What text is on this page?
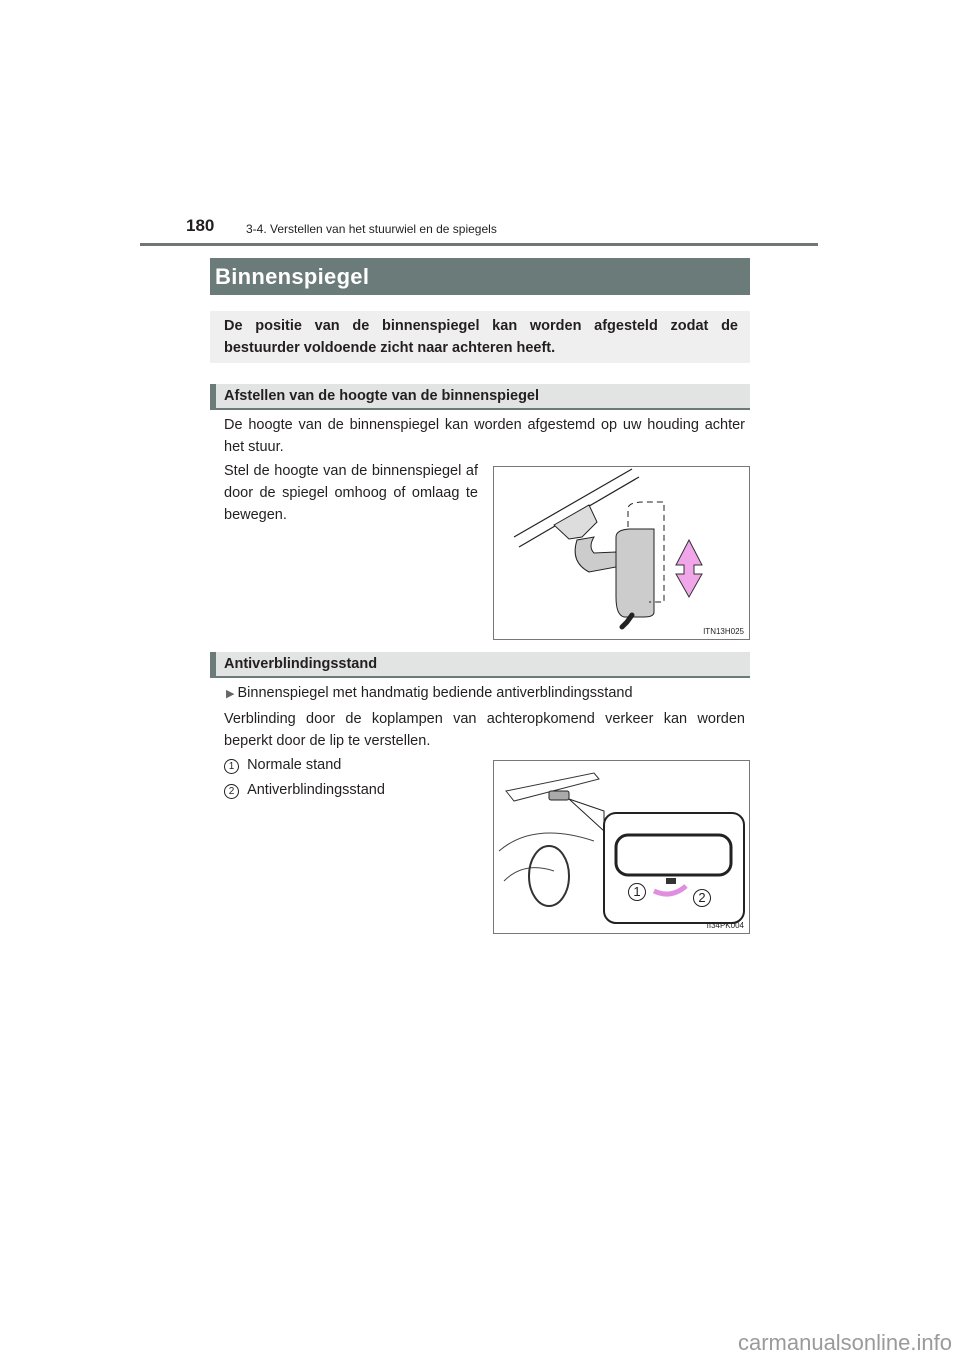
180	3-4. Verstellen van het stuurwiel en de spiegels
Binnenspiegel
De positie van de binnenspiegel kan worden afgesteld zodat de bestuurder voldoende zicht naar achteren heeft.
Afstellen van de hoogte van de binnenspiegel
De hoogte van de binnenspiegel kan worden afgestemd op uw houding achter het stuur.
Stel de hoogte van de binnenspiegel af door de spiegel omhoog of omlaag te bewegen.
ITN13H025
Antiverblindingsstand
▶ Binnenspiegel met handmatig bediende antiverblindingsstand
Verblinding door de koplampen van achteropkomend verkeer kan worden beperkt door de lip te verstellen.
1 Normale stand
2 Antiverblindingsstand
1	2
II34PK004
carmanualsonline.info
